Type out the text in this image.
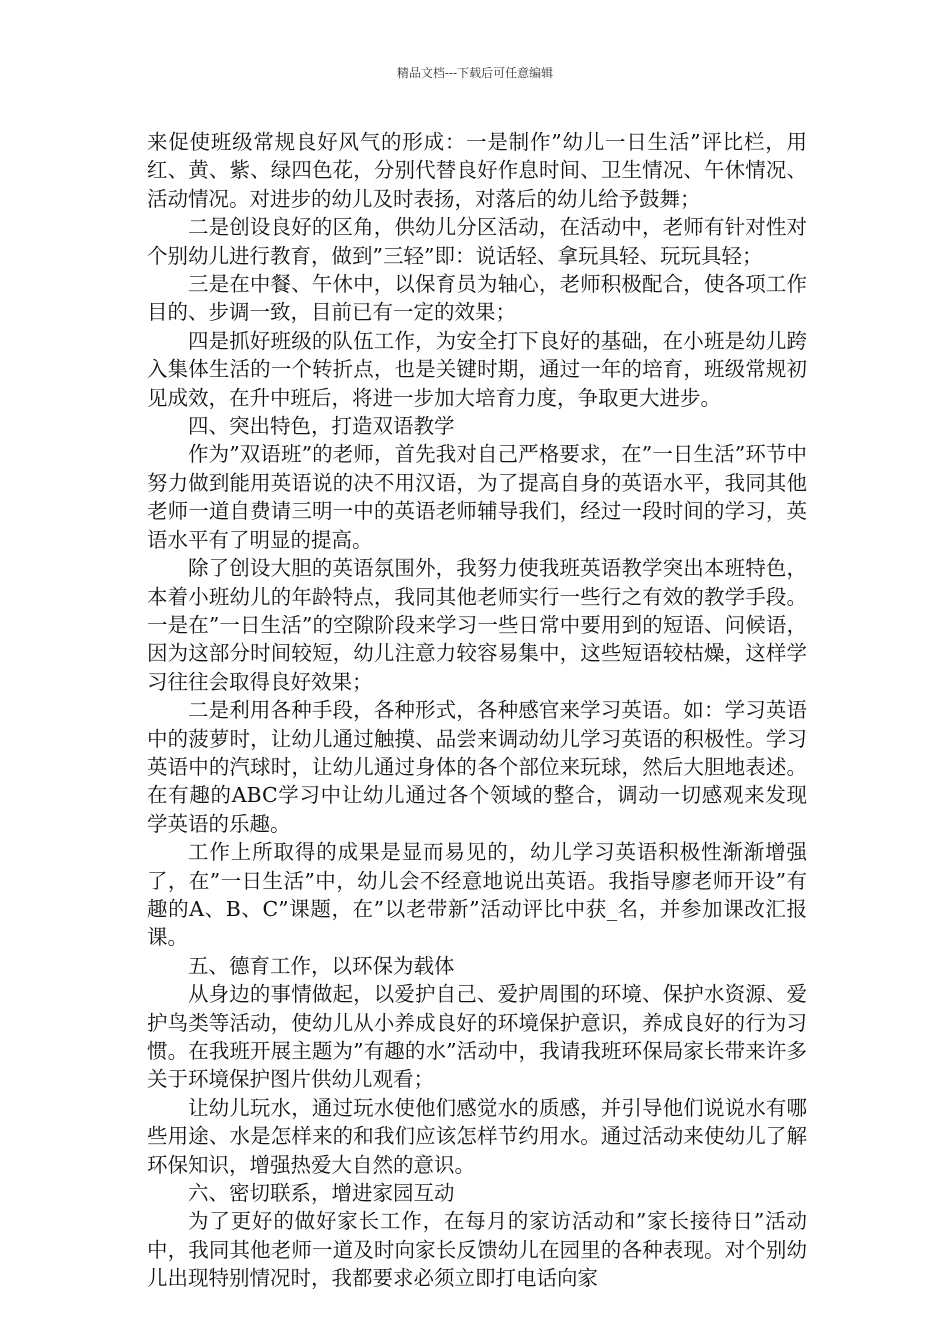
精品文档---下载后可任意编辑

来促使班级常规良好风气的形成：一是制作”幼儿一日生活”评比栏，用红、黄、紫、绿四色花，分别代替良好作息时间、卫生情况、午休情况、活动情况。对进步的幼儿及时表扬，对落后的幼儿给予鼓舞；

二是创设良好的区角，供幼儿分区活动，在活动中，老师有针对性对个别幼儿进行教育，做到”三轻”即：说话轻、拿玩具轻、玩玩具轻；

三是在中餐、午休中，以保育员为轴心，老师积极配合，使各项工作目的、步调一致，目前已有一定的效果；

四是抓好班级的队伍工作，为安全打下良好的基础，在小班是幼儿跨入集体生活的一个转折点，也是关键时期，通过一年的培育，班级常规初见成效，在升中班后，将进一步加大培育力度，争取更大进步。

四、突出特色，打造双语教学

作为”双语班”的老师，首先我对自己严格要求，在”一日生活”环节中努力做到能用英语说的决不用汉语，为了提高自身的英语水平，我同其他老师一道自费请三明一中的英语老师辅导我们，经过一段时间的学习，英语水平有了明显的提高。

除了创设大胆的英语氛围外，我努力使我班英语教学突出本班特色，本着小班幼儿的年龄特点，我同其他老师实行一些行之有效的教学手段。一是在”一日生活”的空隙阶段来学习一些日常中要用到的短语、问候语，因为这部分时间较短，幼儿注意力较容易集中，这些短语较枯燥，这样学习往往会取得良好效果；

二是利用各种手段，各种形式，各种感官来学习英语。如：学习英语中的菠萝时，让幼儿通过触摸、品尝来调动幼儿学习英语的积极性。学习英语中的汽球时，让幼儿通过身体的各个部位来玩球，然后大胆地表述。在有趣的ABC学习中让幼儿通过各个领域的整合，调动一切感观来发现学英语的乐趣。

工作上所取得的成果是显而易见的，幼儿学习英语积极性渐渐增强了，在”一日生活”中，幼儿会不经意地说出英语。我指导廖老师开设”有趣的A、B、C”课题，在”以老带新”活动评比中获_名，并参加课改汇报课。

五、德育工作，以环保为载体

从身边的事情做起，以爱护自己、爱护周围的环境、保护水资源、爱护鸟类等活动，使幼儿从小养成良好的环境保护意识，养成良好的行为习惯。在我班开展主题为”有趣的水”活动中，我请我班环保局家长带来许多关于环境保护图片供幼儿观看；

让幼儿玩水，通过玩水使他们感觉水的质感，并引导他们说说水有哪些用途、水是怎样来的和我们应该怎样节约用水。通过活动来使幼儿了解环保知识，增强热爱大自然的意识。

六、密切联系，增进家园互动

为了更好的做好家长工作，在每月的家访活动和”家长接待日”活动中，我同其他老师一道及时向家长反馈幼儿在园里的各种表现。对个别幼儿出现特别情况时，我都要求必须立即打电话向家
